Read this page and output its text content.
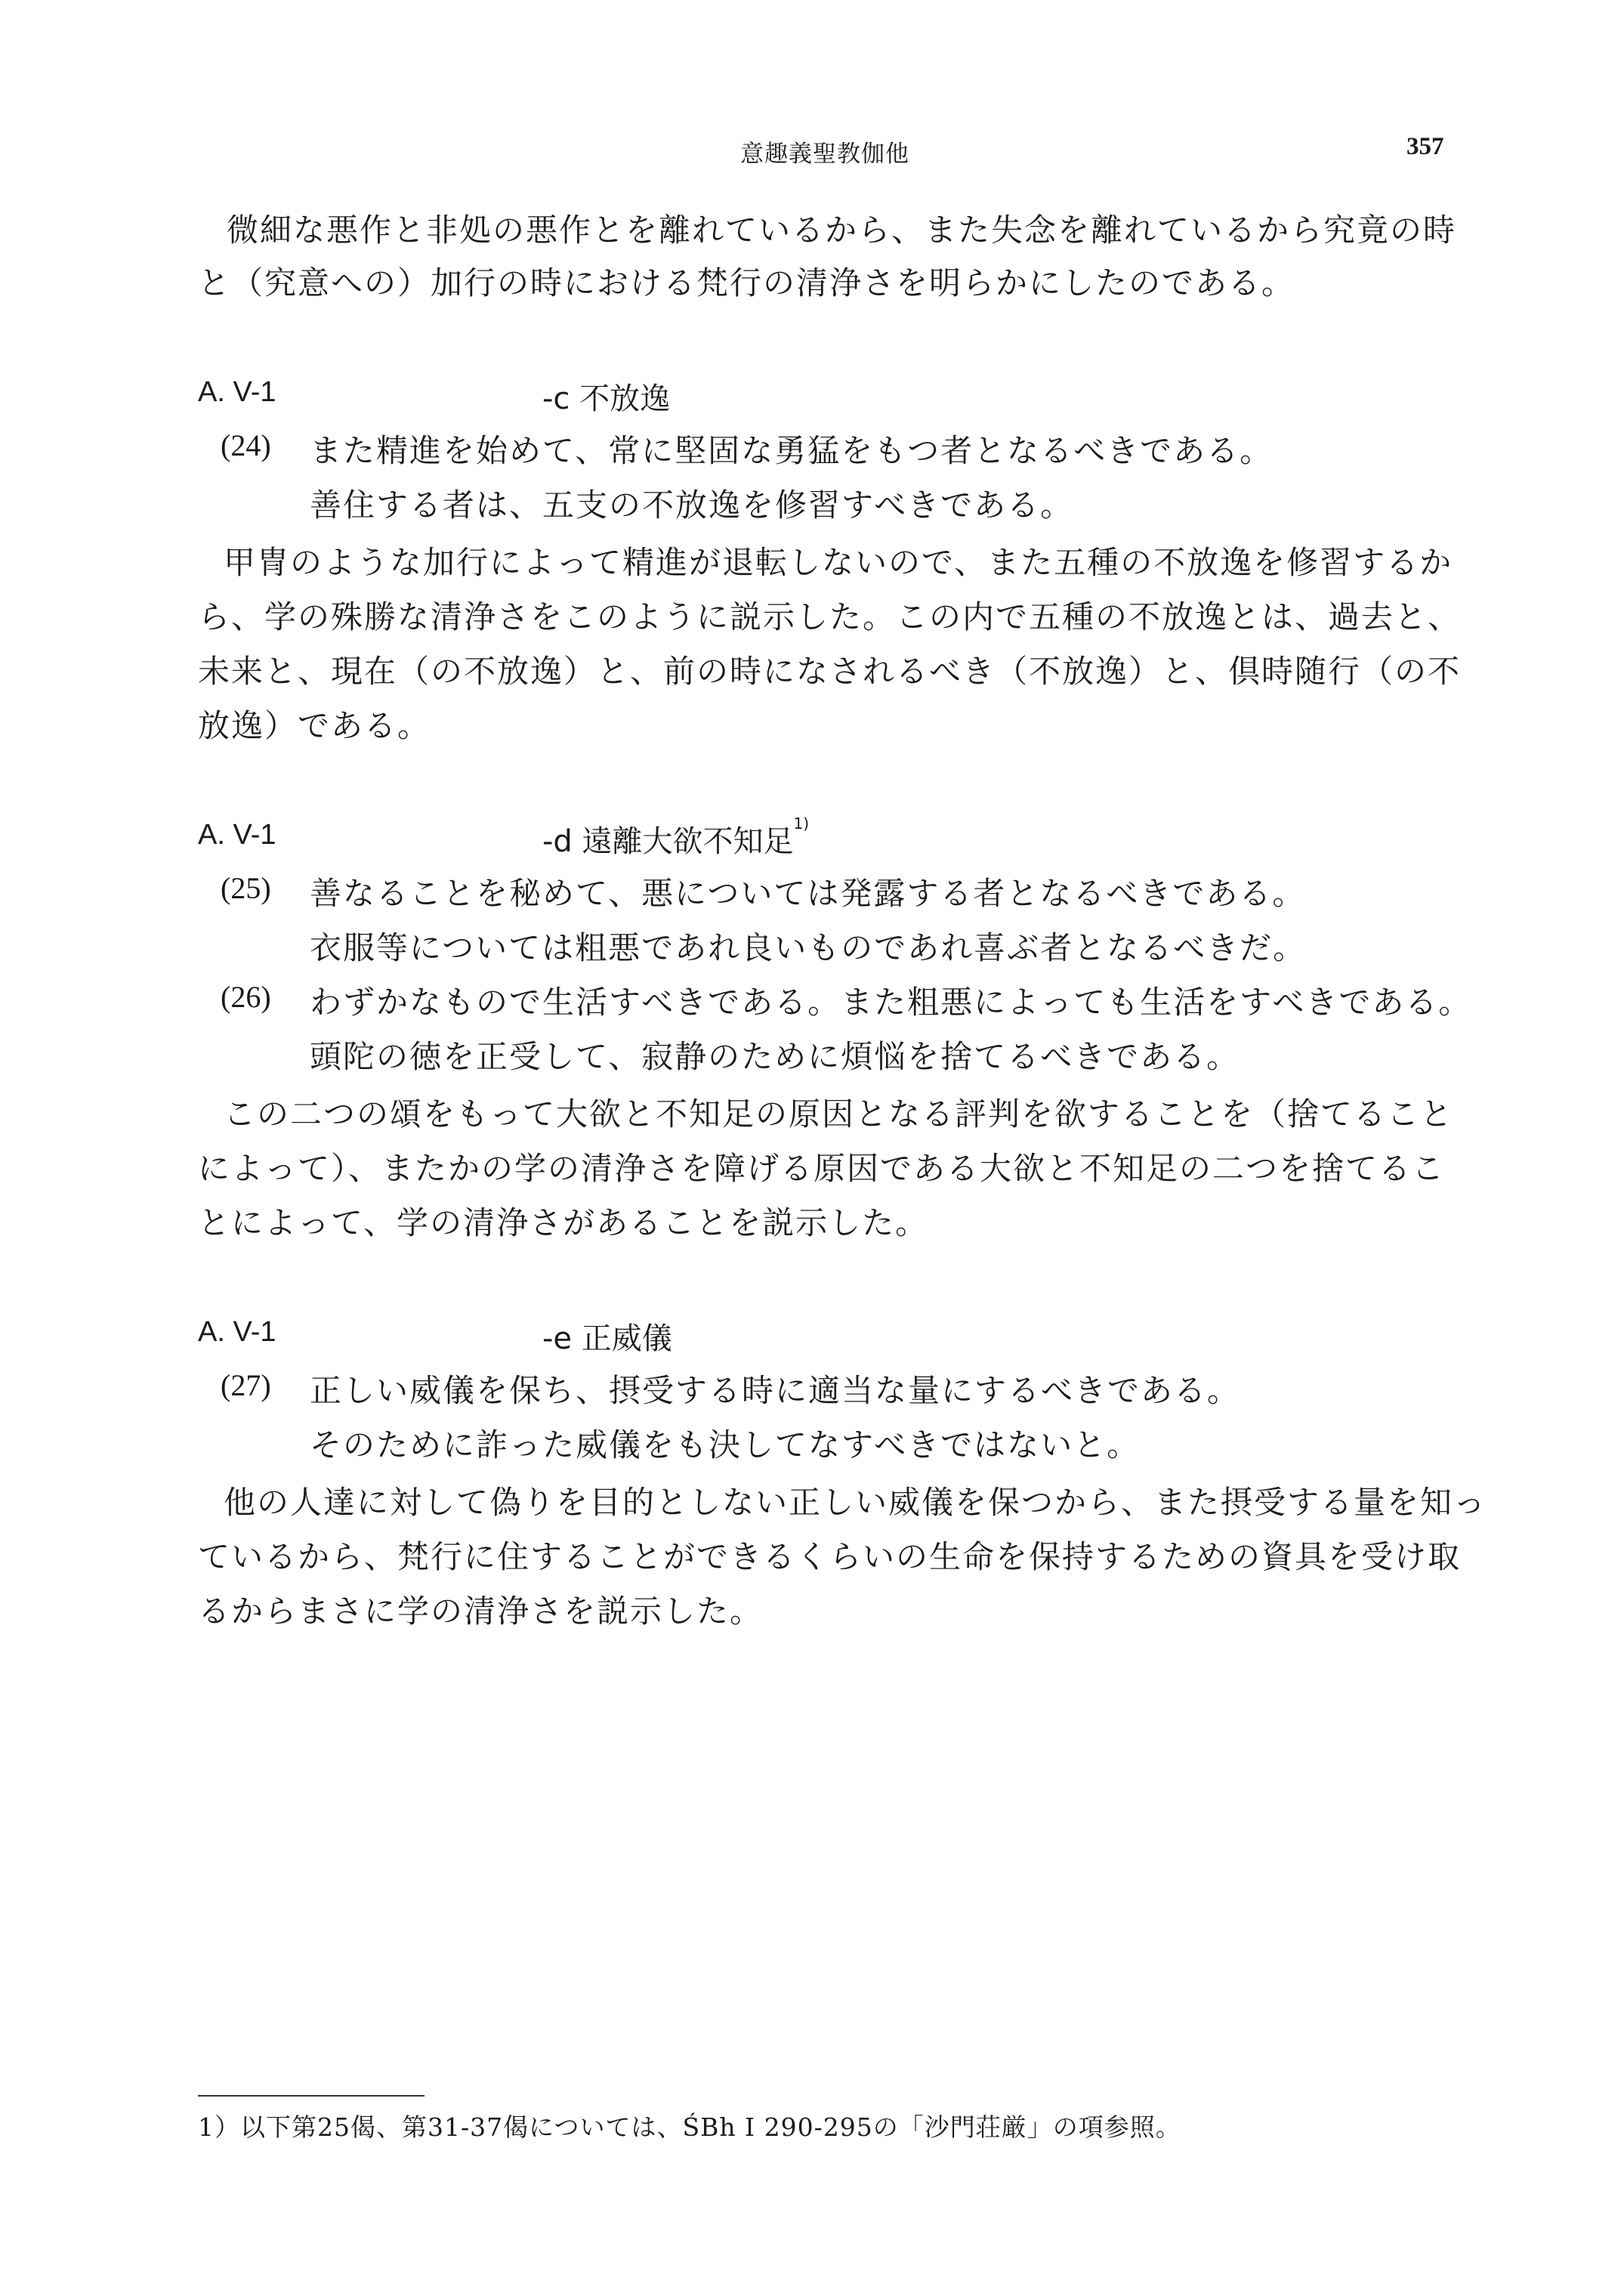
意趣義聖教伽他	357
微細な悪作と非処の悪作とを離れているから、また失念を離れているから究竟の時
と（究意への）加行の時における梵行の清浄さを明らかにしたのである。
A. V-1	-c 不放逸
(24) また精進を始めて、常に堅固な勇猛をもつ者となるべきである。
善住する者は、五支の不放逸を修習すべきである。
甲冑のような加行によって精進が退転しないので、また五種の不放逸を修習するか
ら、学の殊勝な清浄さをこのように説示した。この内で五種の不放逸とは、過去と、
未来と、現在（の不放逸）と、前の時になされるべき（不放逸）と、倶時随行（の不
放逸）である。
A. V-1	-d 遠離大欲不知足$^{1)}$
(25) 善なることを秘めて、悪については発露する者となるべきである。
衣服等については粗悪であれ良いものであれ喜ぶ者となるべきだ。
(26) わずかなもので生活すべきである。また粗悪によっても生活をすべきである。
頭陀の徳を正受して、寂静のために煩悩を捨てるべきである。
この二つの頌をもって大欲と不知足の原因となる評判を欲することを（捨てること
によって）、またかの学の清浄さを障げる原因である大欲と不知足の二つを捨てるこ
とによって、学の清浄さがあることを説示した。
A. V-1	-e 正威儀
(27) 正しい威儀を保ち、摂受する時に適当な量にするべきである。
そのために詐った威儀をも決してなすべきではないと。
他の人達に対して偽りを目的としない正しい威儀を保つから、また摂受する量を知っ
ているから、梵行に住することができるくらいの生命を保持するための資具を受け取
るからまさに学の清浄さを説示した。
1）以下第25偈、第31-37偈については、ŚBh I 290-295の「沙門荘厳」の項参照。
